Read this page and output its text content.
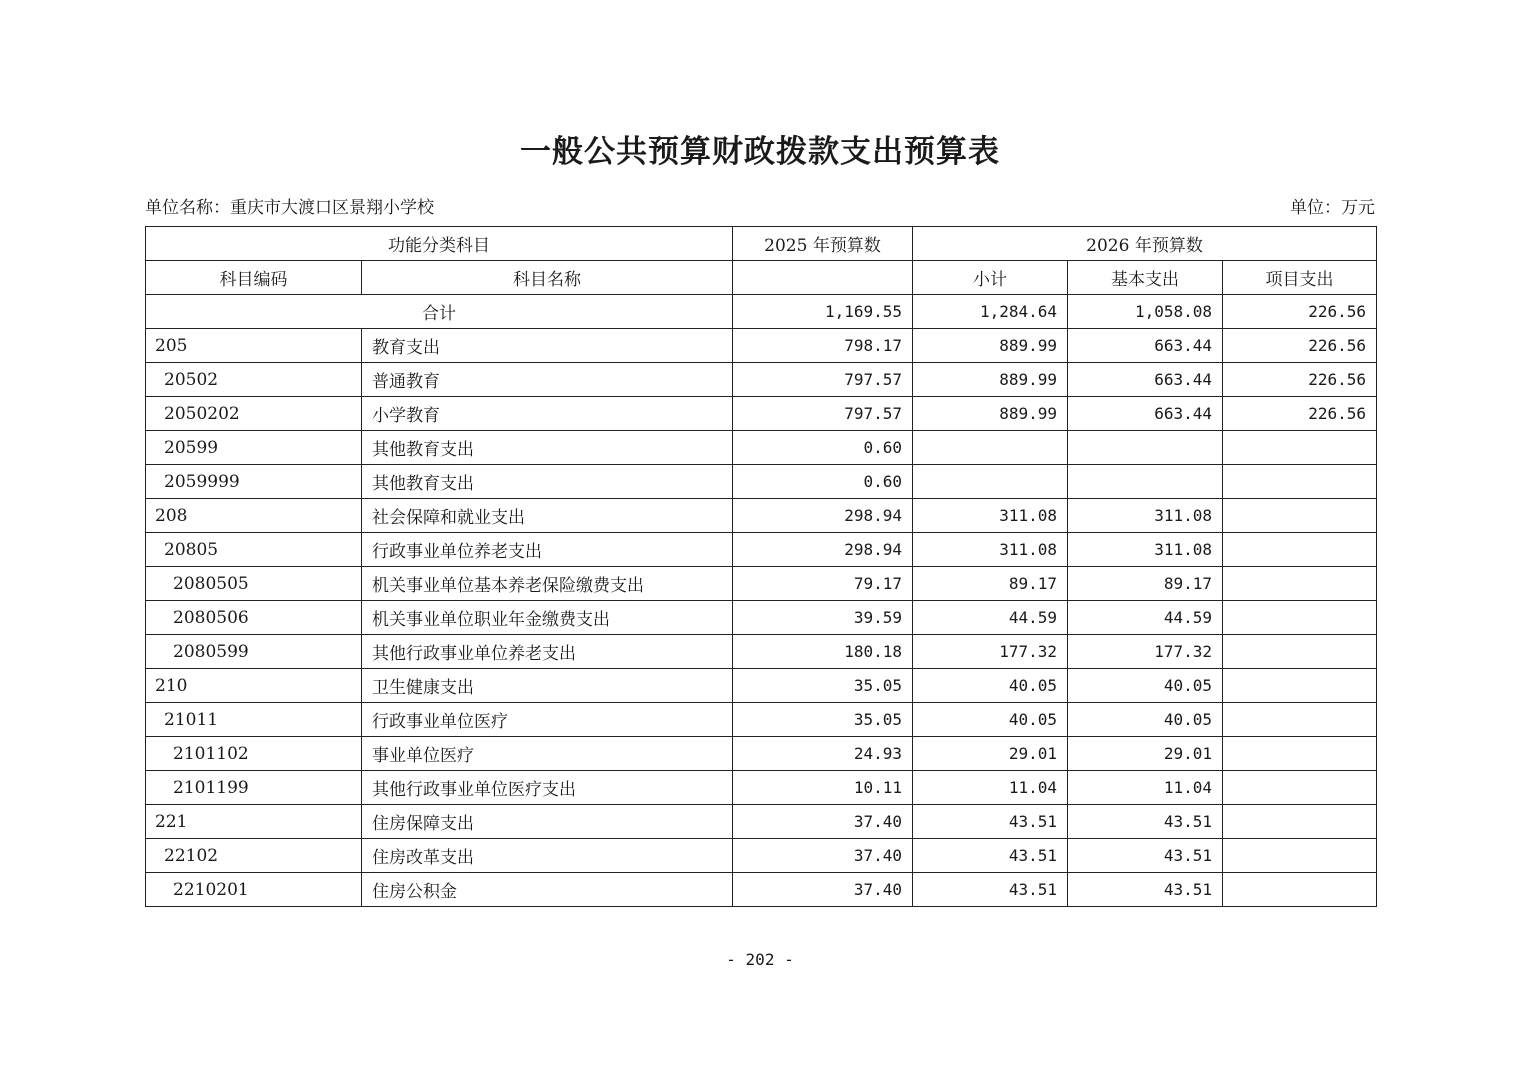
一般公共预算财政拨款支出预算表
单位名称：重庆市大渡口区景翔小学校	单位：万元
功能分类科目		2025 年预算数	2026 年预算数		
科目编码	科目名称		小计	基本支出	项目支出
合计		1,169.55	1,284.64	1,058.08	226.56
205	教育支出	798.17	889.99	663.44	226.56
20502	普通教育	797.57	889.99	663.44	226.56
2050202	小学教育	797.57	889.99	663.44	226.56
20599	其他教育支出	0.60			
2059999	其他教育支出	0.60			
208	社会保障和就业支出	298.94	311.08	311.08	
20805	行政事业单位养老支出	298.94	311.08	311.08	
2080505	机关事业单位基本养老保险缴费支出	79.17	89.17	89.17	
2080506	机关事业单位职业年金缴费支出	39.59	44.59	44.59	
2080599	其他行政事业单位养老支出	180.18	177.32	177.32	
210	卫生健康支出	35.05	40.05	40.05	
21011	行政事业单位医疗	35.05	40.05	40.05	
2101102	事业单位医疗	24.93	29.01	29.01	
2101199	其他行政事业单位医疗支出	10.11	11.04	11.04	
221	住房保障支出	37.40	43.51	43.51	
22102	住房改革支出	37.40	43.51	43.51	
2210201	住房公积金	37.40	43.51	43.51	
- 202 -
